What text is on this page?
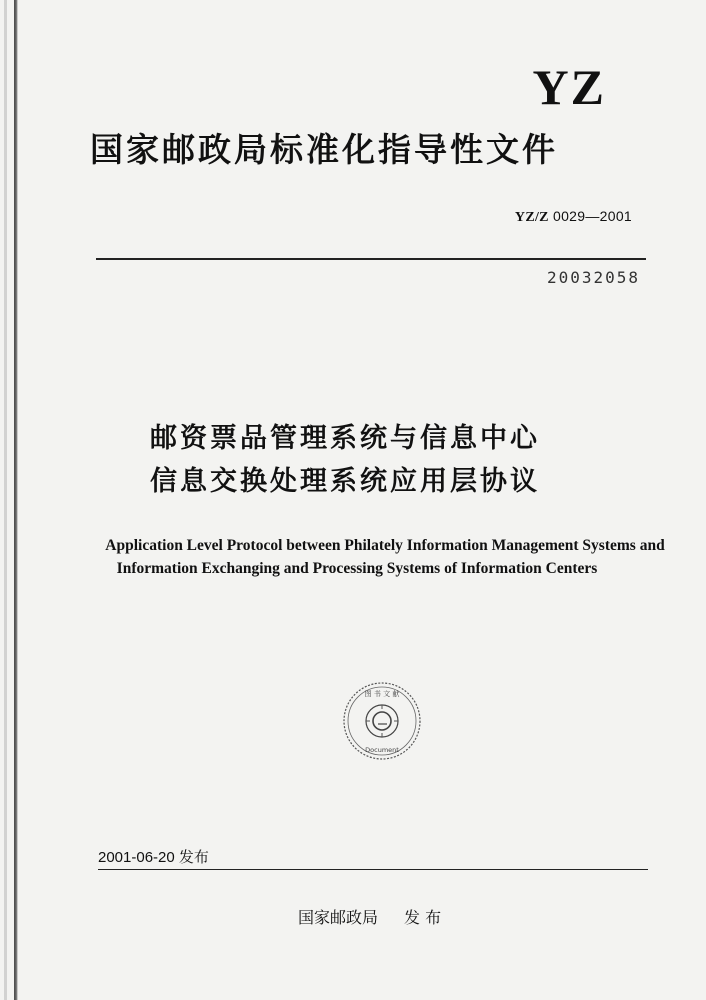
YZ
国家邮政局标准化指导性文件
YZ/Z 0029—2001
20032058
邮资票品管理系统与信息中心
信息交换处理系统应用层协议
Application Level Protocol between Philately Information Management Systems and
Information Exchanging and Processing Systems of Information Centers
图 书 文 献
Document
2001-06-20 发布
国家邮政局 发 布
